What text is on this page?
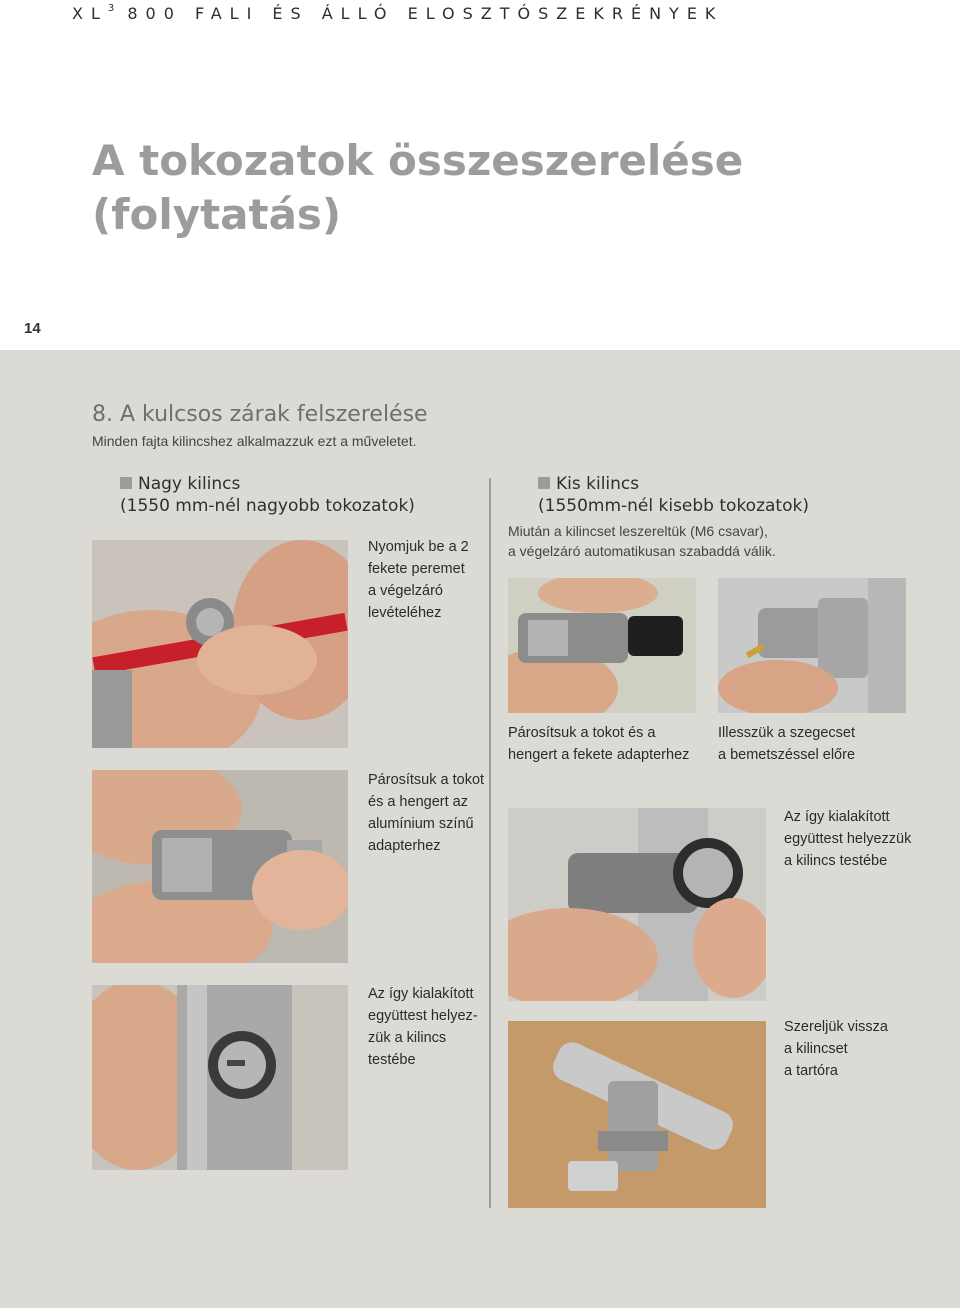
$XL^3$ 800 FALI ÉS ÁLLÓ ELOSZTÓSZEKRÉNYEK
A tokozatok összeszerelése
(folytatás)
14
8. A kulcsos zárak felszerelése
Minden fajta kilincshez alkalmazzuk ezt a műveletet.
Nagy kilincs
(1550 mm-nél nagyobb tokozatok)
Kis kilincs
(1550mm-nél kisebb tokozatok)
Miután a kilincset leszereltük (M6 csavar),
a végelzáró automatikusan szabaddá válik.
Nyomjuk be a 2
fekete peremet
a végelzáró
levételéhez
Párosítsuk a tokot
és a hengert az
alumínium színű
adapterhez
Az így kialakított
együttest helyez-
zük a kilincs
testébe
Párosítsuk a tokot és a
hengert a fekete adapterhez
Illesszük a szegecset
a bemetszéssel előre
Az így kialakított
együttest helyezzük
a kilincs testébe
Szereljük vissza
a kilincset
a tartóra
